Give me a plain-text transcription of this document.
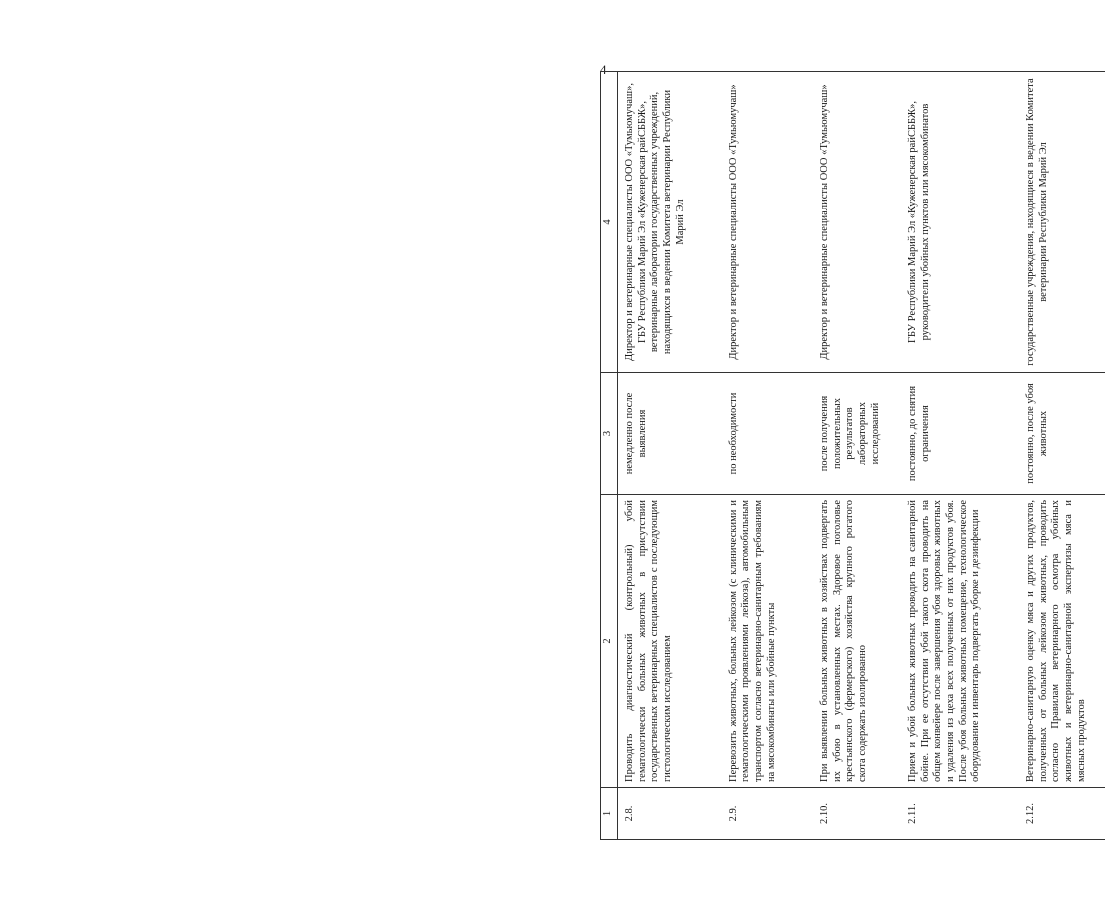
4
1	2	3	4
2.8.	Проводить диагностический (контрольный) убой гематологически больных животных в присутствии государственных ветеринарных специалистов с последующим гистологическим исследованием	немедленно после выявления	Директор и ветеринарные специалисты ООО «Тумьюмучаш», ГБУ Республики Марий Эл «Куженерская райСББЖ», ветеринарные лаборатории государственных учреждений, находящихся в ведении Комитета ветеринарии Республики Марий Эл
2.9.	Перевозить животных, больных лейкозом (с клиническими и гематологическими проявлениями лейкоза), автомобильным транспортом согласно ветеринарно-санитарным требованиям на мясокомбинаты или убойные пункты	по необходимости	Директор и ветеринарные специалисты ООО «Тумьюмучаш»
2.10.	При выявлении больных животных в хозяйствах подвергать их убою в установленных местах. Здоровое поголовье крестьянского (фермерского) хозяйства крупного рогатого скота содержать изолированно	после получения положительных результатов лабораторных исследований	Директор и ветеринарные специалисты ООО «Тумьюмучаш»
2.11.	Прием и убой больных животных проводить на санитарной бойне. При ее отсутствии убой такого скота проводить на общем конвейере после завершения убоя здоровых животных и удаления из цеха всех полученных от них продуктов убоя. После убоя больных животных помещение, технологическое оборудование и инвентарь подвергать уборке и дезинфекции	постоянно, до снятия ограничения	ГБУ Республики Марий Эл «Куженерская райСББЖ», руководители убойных пунктов или мясокомбинатов
2.12.	Ветеринарно-санитарную оценку мяса и других продуктов, полученных от больных лейкозом животных, проводить согласно Правилам ветеринарного осмотра убойных животных и ветеринарно-санитарной экспертизы мяса и мясных продуктов	постоянно, после убоя животных	государственные учреждения, находящиеся в ведении Комитета ветеринарии Республики Марий Эл
